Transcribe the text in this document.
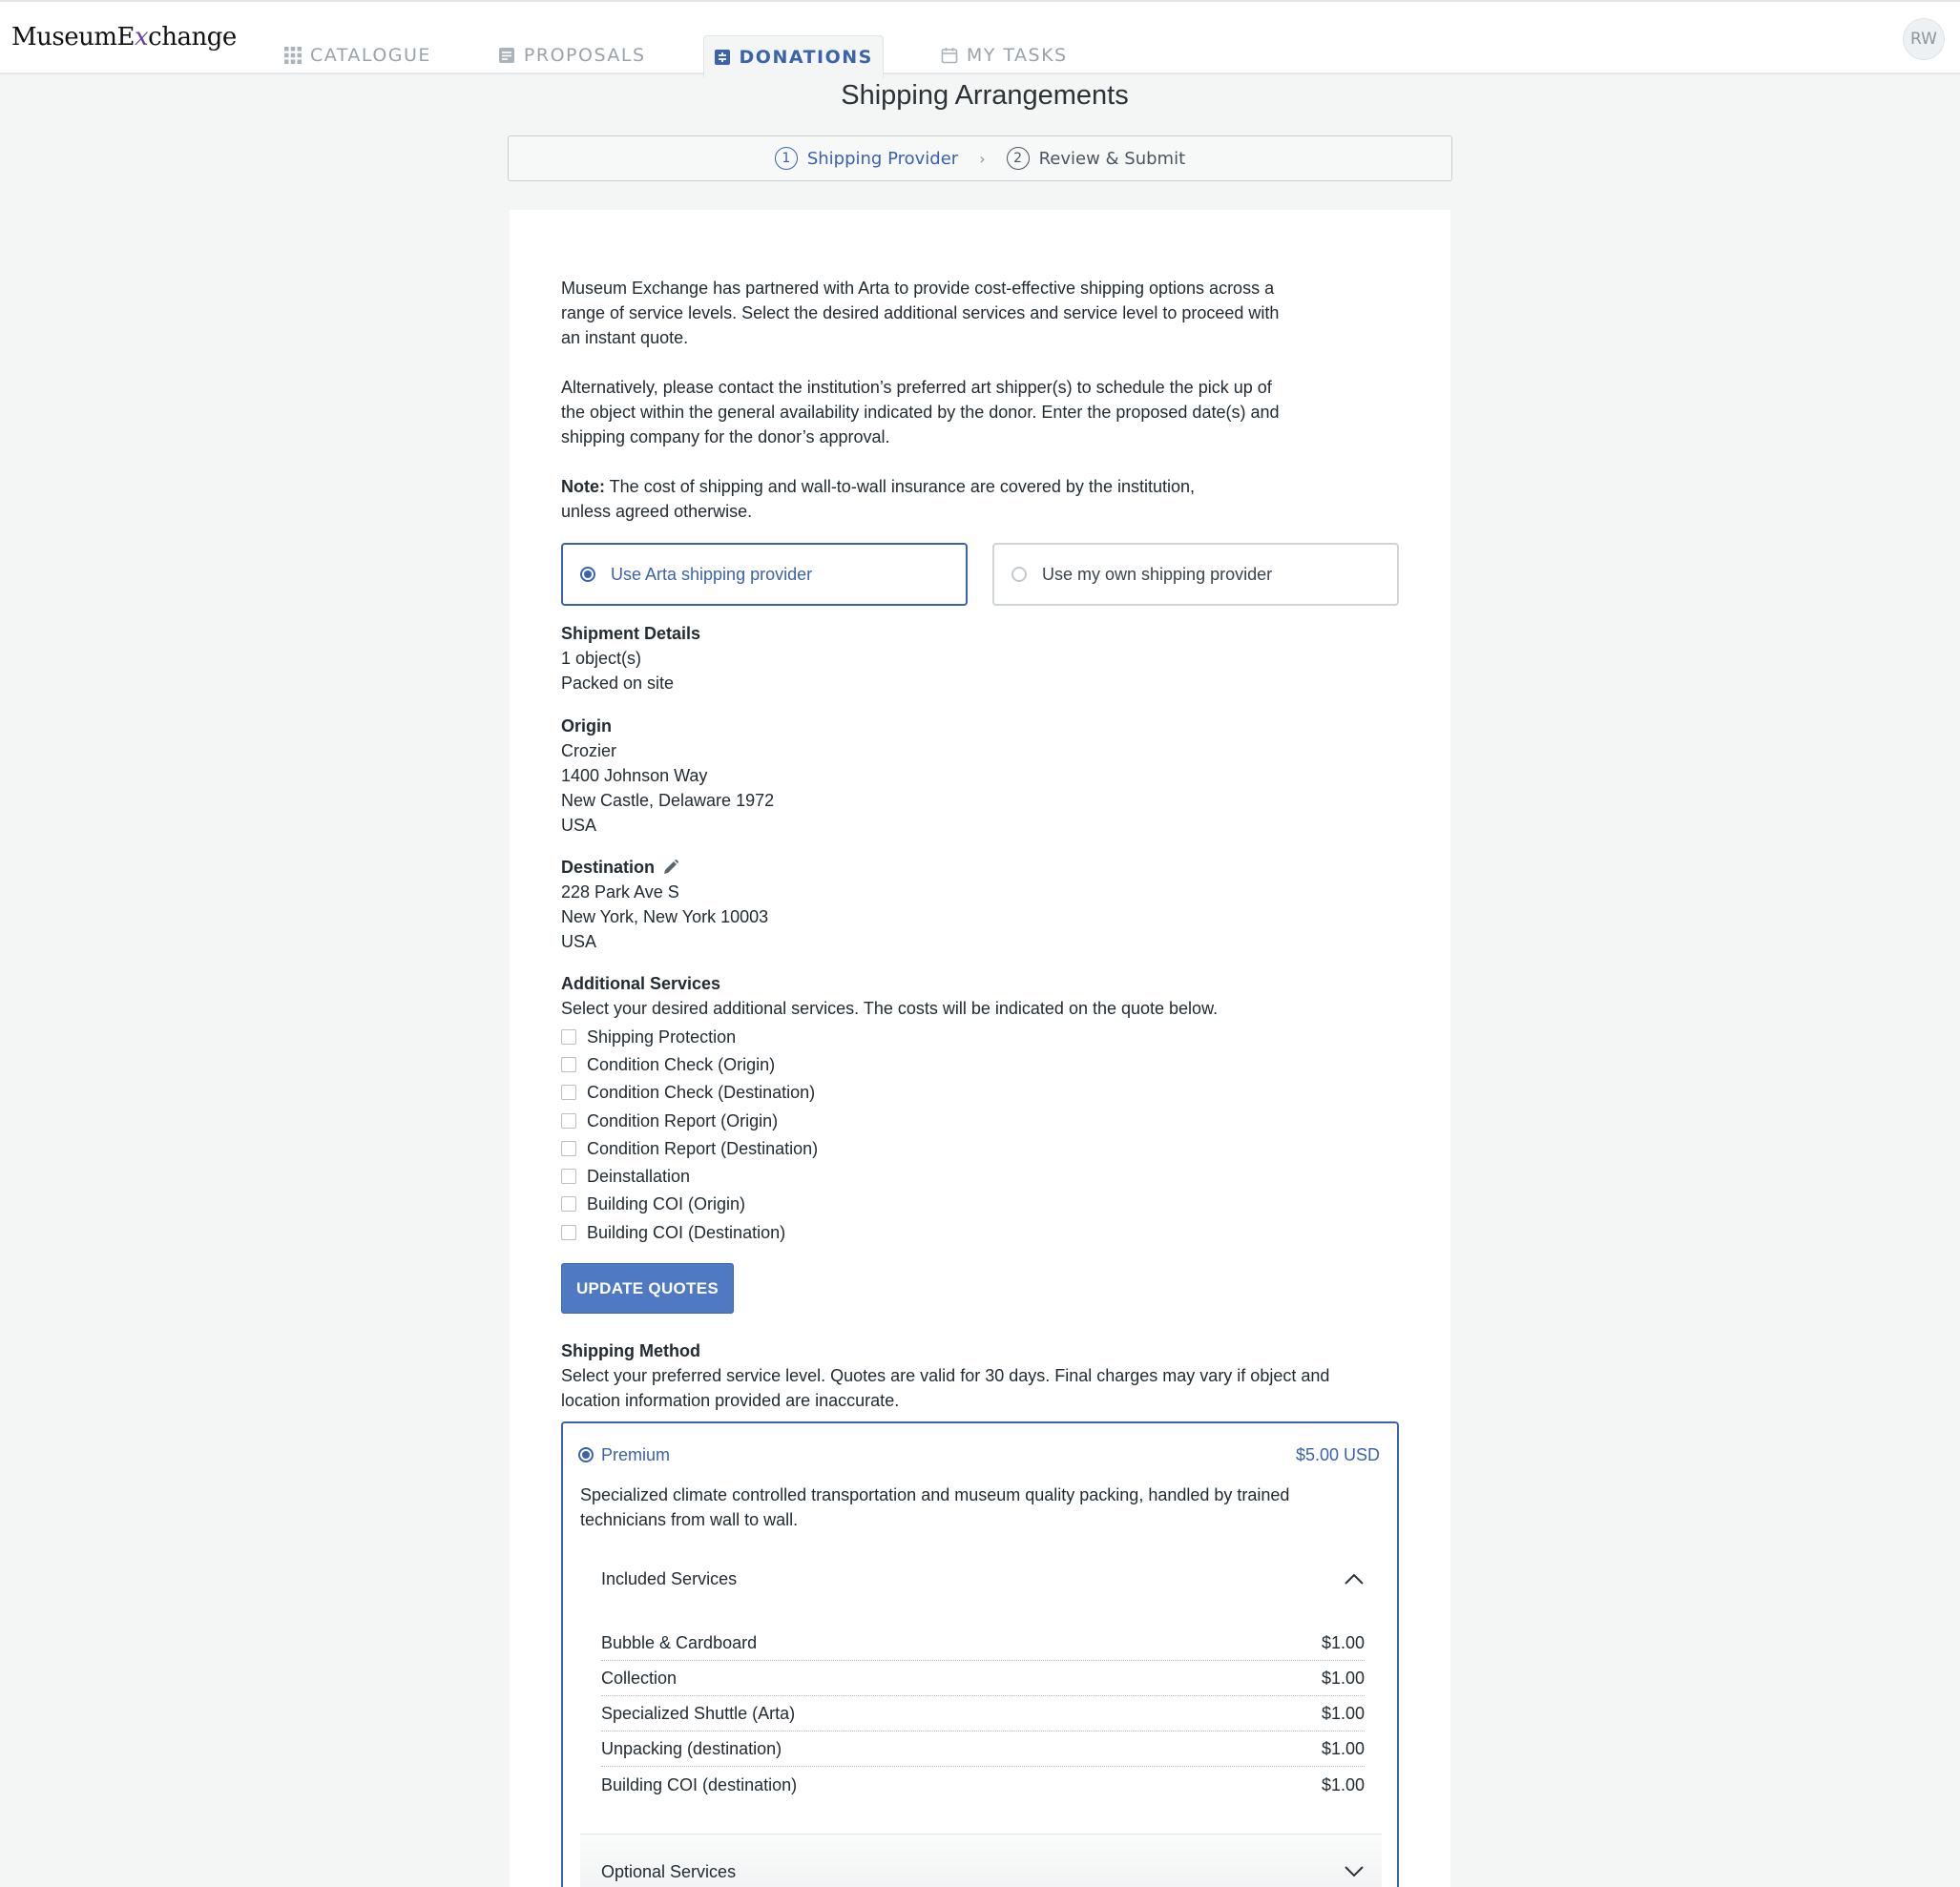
MuseumExchange
CATALOGUE	PROPOSALS	DONATIONS	MY TASKS
RW
Shipping Arrangements
1 Shipping Provider ›	2 Review & Submit
Museum Exchange has partnered with Arta to provide cost-effective shipping options across a range of service levels. Select the desired additional services and service level to proceed with an instant quote.
Alternatively, please contact the institution’s preferred art shipper(s) to schedule the pick up of the object within the general availability indicated by the donor. Enter the proposed date(s) and shipping company for the donor’s approval.
Note: The cost of shipping and wall-to-wall insurance are covered by the institution, unless agreed otherwise.
Use Arta shipping provider	Use my own shipping provider
Shipment Details
1 object(s)
Packed on site
Origin
Crozier
1400 Johnson Way
New Castle, Delaware 1972
USA
Destination
228 Park Ave S
New York, New York 10003
USA
Additional Services
Select your desired additional services. The costs will be indicated on the quote below.
Shipping Protection
Condition Check (Origin)
Condition Check (Destination)
Condition Report (Origin)
Condition Report (Destination)
Deinstallation
Building COI (Origin)
Building COI (Destination)
UPDATE QUOTES
Shipping Method
Select your preferred service level. Quotes are valid for 30 days. Final charges may vary if object and location information provided are inaccurate.
Premium	$5.00 USD
Specialized climate controlled transportation and museum quality packing, handled by trained technicians from wall to wall.
Included Services
Bubble & Cardboard	$1.00
Collection	$1.00
Specialized Shuttle (Arta)	$1.00
Unpacking (destination)	$1.00
Building COI (destination)	$1.00
Optional Services
